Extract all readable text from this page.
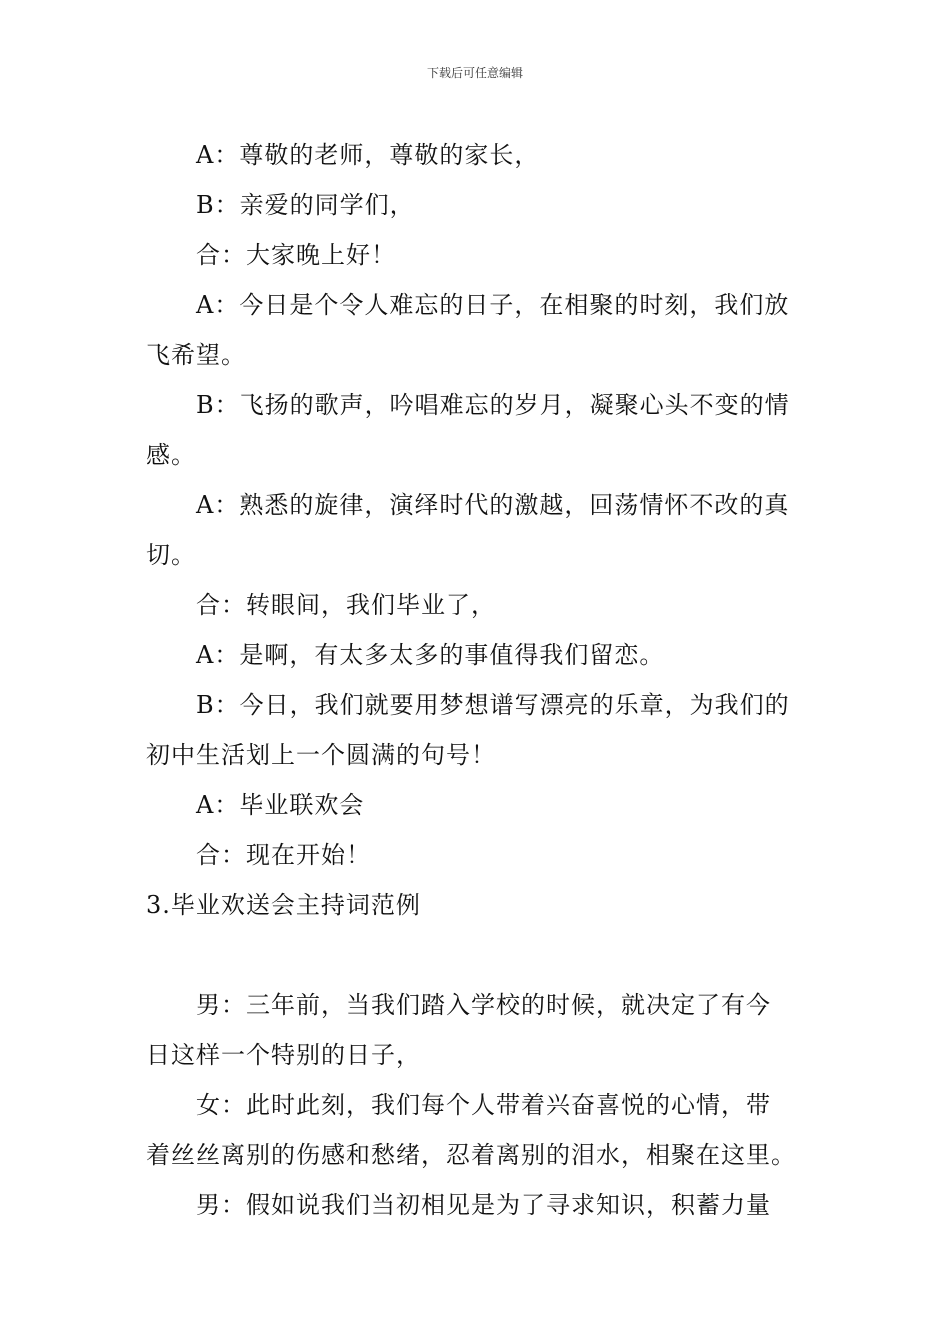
下载后可任意编辑
A：尊敬的老师，尊敬的家长，
B：亲爱的同学们，
合：大家晚上好！
A：今日是个令人难忘的日子，在相聚的时刻，我们放
飞希望。
B：飞扬的歌声，吟唱难忘的岁月，凝聚心头不变的情
感。
A：熟悉的旋律，演绎时代的激越，回荡情怀不改的真
切。
合：转眼间，我们毕业了，
A：是啊，有太多太多的事值得我们留恋。
B：今日，我们就要用梦想谱写漂亮的乐章，为我们的
初中生活划上一个圆满的句号！
A：毕业联欢会
合：现在开始！
3.毕业欢送会主持词范例
男：三年前，当我们踏入学校的时候，就决定了有今
日这样一个特别的日子，
女：此时此刻，我们每个人带着兴奋喜悦的心情，带
着丝丝离别的伤感和愁绪，忍着离别的泪水，相聚在这里。
男：假如说我们当初相见是为了寻求知识，积蓄力量
